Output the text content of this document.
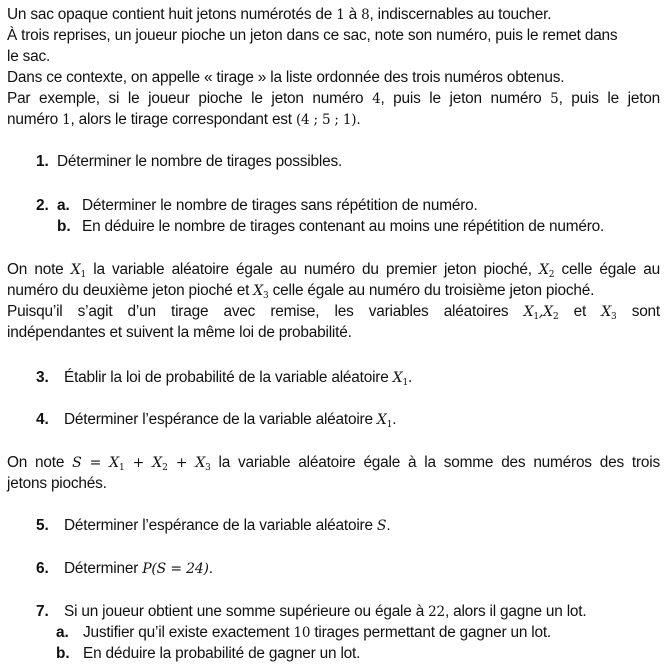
Un sac opaque contient huit jetons numérotés de 1 à 8, indiscernables au toucher.
À trois reprises, un joueur pioche un jeton dans ce sac, note son numéro, puis le remet dans
le sac.
Dans ce contexte, on appelle « tirage » la liste ordonnée des trois numéros obtenus.
Par exemple, si le joueur pioche le jeton numéro 4, puis le jeton numéro 5, puis le jeton
numéro 1, alors le tirage correspondant est (4 ; 5 ; 1).
1. Déterminer le nombre de tirages possibles.
2. a. Déterminer le nombre de tirages sans répétition de numéro.
b. En déduire le nombre de tirages contenant au moins une répétition de numéro.
On note $X_1$ la variable aléatoire égale au numéro du premier jeton pioché, $X_2$ celle égale au
numéro du deuxième jeton pioché et $X_3$ celle égale au numéro du troisième jeton pioché.
Puisqu’il s’agit d’un tirage avec remise, les variables aléatoires $X_1,X_2$ et $X_3$ sont
indépendantes et suivent la même loi de probabilité.
3. Établir la loi de probabilité de la variable aléatoire $X_1$.
4. Déterminer l’espérance de la variable aléatoire $X_1$.
On note $S = X_1 + X_2 + X_3$ la variable aléatoire égale à la somme des numéros des trois
jetons piochés.
5. Déterminer l’espérance de la variable aléatoire S.
6. Déterminer P(S = 24).
7. Si un joueur obtient une somme supérieure ou égale à 22, alors il gagne un lot.
a. Justifier qu’il existe exactement 10 tirages permettant de gagner un lot.
b. En déduire la probabilité de gagner un lot.
